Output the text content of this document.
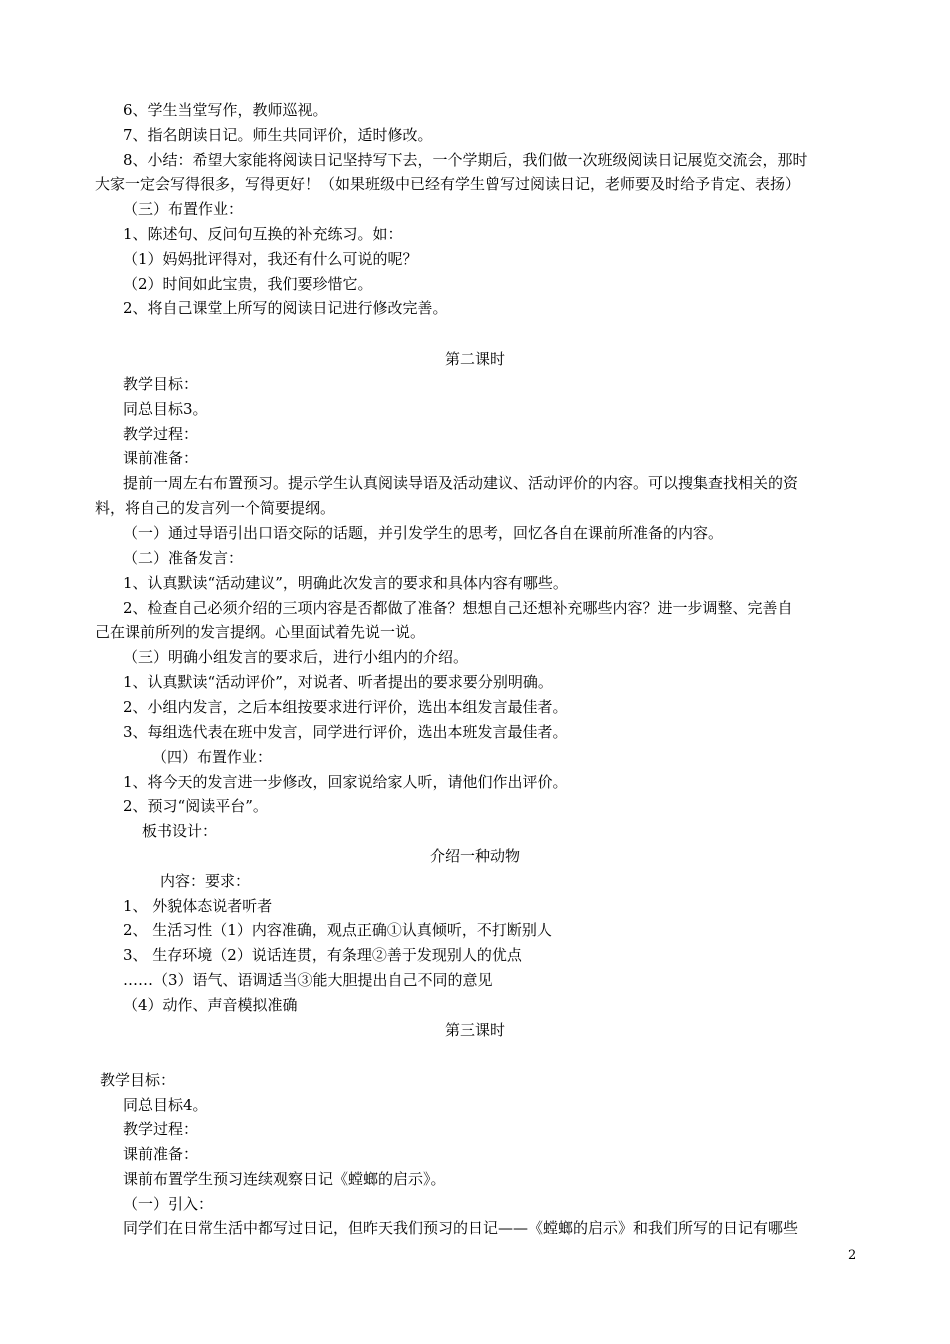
6、学生当堂写作，教师巡视。
7、指名朗读日记。师生共同评价，适时修改。
8、小结：希望大家能将阅读日记坚持写下去，一个学期后，我们做一次班级阅读日记展览交流会，那时
大家一定会写得很多，写得更好！（如果班级中已经有学生曾写过阅读日记，老师要及时给予肯定、表扬）
（三）布置作业：
1、陈述句、反问句互换的补充练习。如：
（1）妈妈批评得对，我还有什么可说的呢？
（2）时间如此宝贵，我们要珍惜它。
2、将自己课堂上所写的阅读日记进行修改完善。
第二课时
教学目标：
同总目标3。
教学过程：
课前准备：
提前一周左右布置预习。提示学生认真阅读导语及活动建议、活动评价的内容。可以搜集查找相关的资
料，将自己的发言列一个简要提纲。
（一）通过导语引出口语交际的话题，并引发学生的思考，回忆各自在课前所准备的内容。
（二）准备发言：
1、认真默读“活动建议”，明确此次发言的要求和具体内容有哪些。
2、检查自己必须介绍的三项内容是否都做了准备？想想自己还想补充哪些内容？进一步调整、完善自
己在课前所列的发言提纲。心里面试着先说一说。
（三）明确小组发言的要求后，进行小组内的介绍。
1、认真默读“活动评价”，对说者、听者提出的要求要分别明确。
2、小组内发言，之后本组按要求进行评价，选出本组发言最佳者。
3、每组选代表在班中发言，同学进行评价，选出本班发言最佳者。
（四）布置作业：
1、将今天的发言进一步修改，回家说给家人听，请他们作出评价。
2、预习“阅读平台”。
板书设计：
介绍一种动物
内容：要求：
1、 外貌体态说者听者
2、 生活习性（1）内容准确，观点正确①认真倾听，不打断别人
3、 生存环境（2）说话连贯，有条理②善于发现别人的优点
……（3）语气、语调适当③能大胆提出自己不同的意见
（4）动作、声音模拟准确
第三课时
教学目标：
同总目标4。
教学过程：
课前准备：
课前布置学生预习连续观察日记《螳螂的启示》。
（一）引入：
同学们在日常生活中都写过日记，但昨天我们预习的日记——《螳螂的启示》和我们所写的日记有哪些
2
